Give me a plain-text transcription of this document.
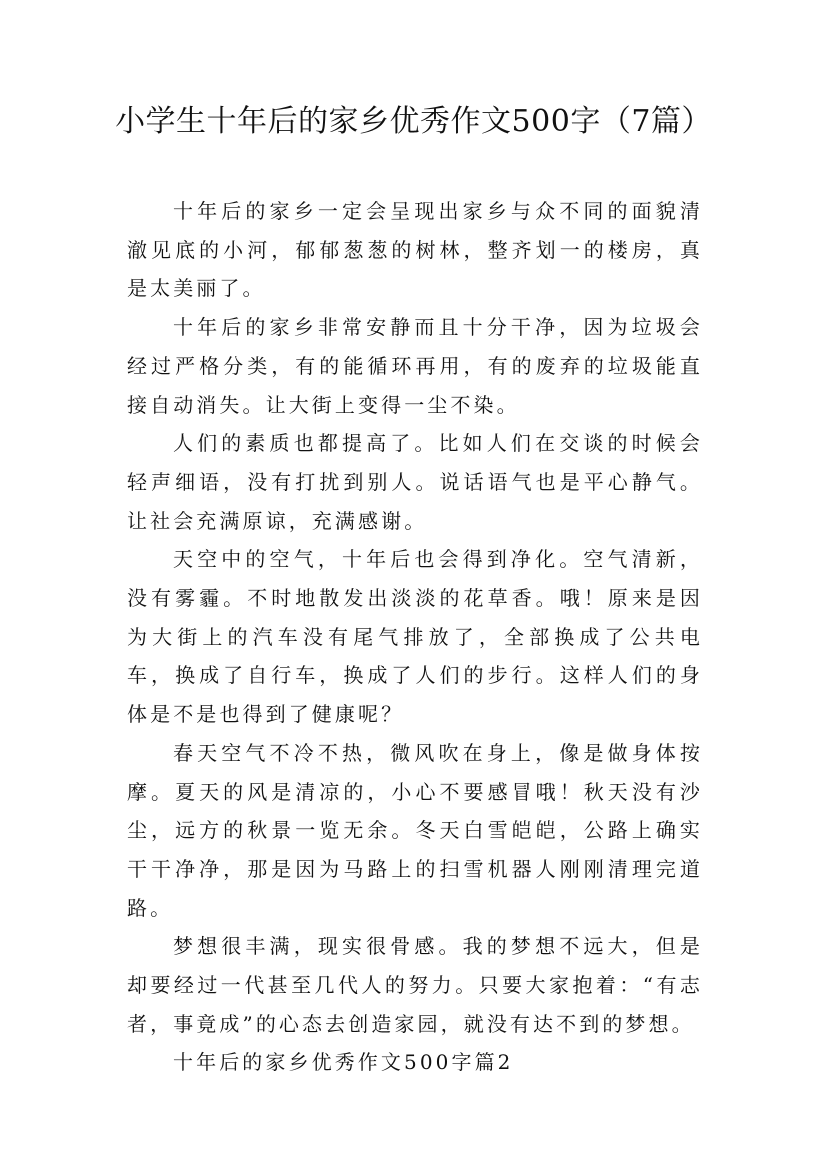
小学生十年后的家乡优秀作文500字（7篇）

十年后的家乡一定会呈现出家乡与众不同的面貌清澈见底的小河，郁郁葱葱的树林，整齐划一的楼房，真是太美丽了。

十年后的家乡非常安静而且十分干净，因为垃圾会经过严格分类，有的能循环再用，有的废弃的垃圾能直接自动消失。让大街上变得一尘不染。

人们的素质也都提高了。比如人们在交谈的时候会轻声细语，没有打扰到别人。说话语气也是平心静气。让社会充满原谅，充满感谢。

天空中的空气，十年后也会得到净化。空气清新，没有雾霾。不时地散发出淡淡的花草香。哦！原来是因为大街上的汽车没有尾气排放了，全部换成了公共电车，换成了自行车，换成了人们的步行。这样人们的身体是不是也得到了健康呢？

春天空气不冷不热，微风吹在身上，像是做身体按摩。夏天的风是清凉的，小心不要感冒哦！秋天没有沙尘，远方的秋景一览无余。冬天白雪皑皑，公路上确实干干净净，那是因为马路上的扫雪机器人刚刚清理完道路。

梦想很丰满，现实很骨感。我的梦想不远大，但是却要经过一代甚至几代人的努力。只要大家抱着：“有志者，事竟成”的心态去创造家园，就没有达不到的梦想。

十年后的家乡优秀作文500字篇2
